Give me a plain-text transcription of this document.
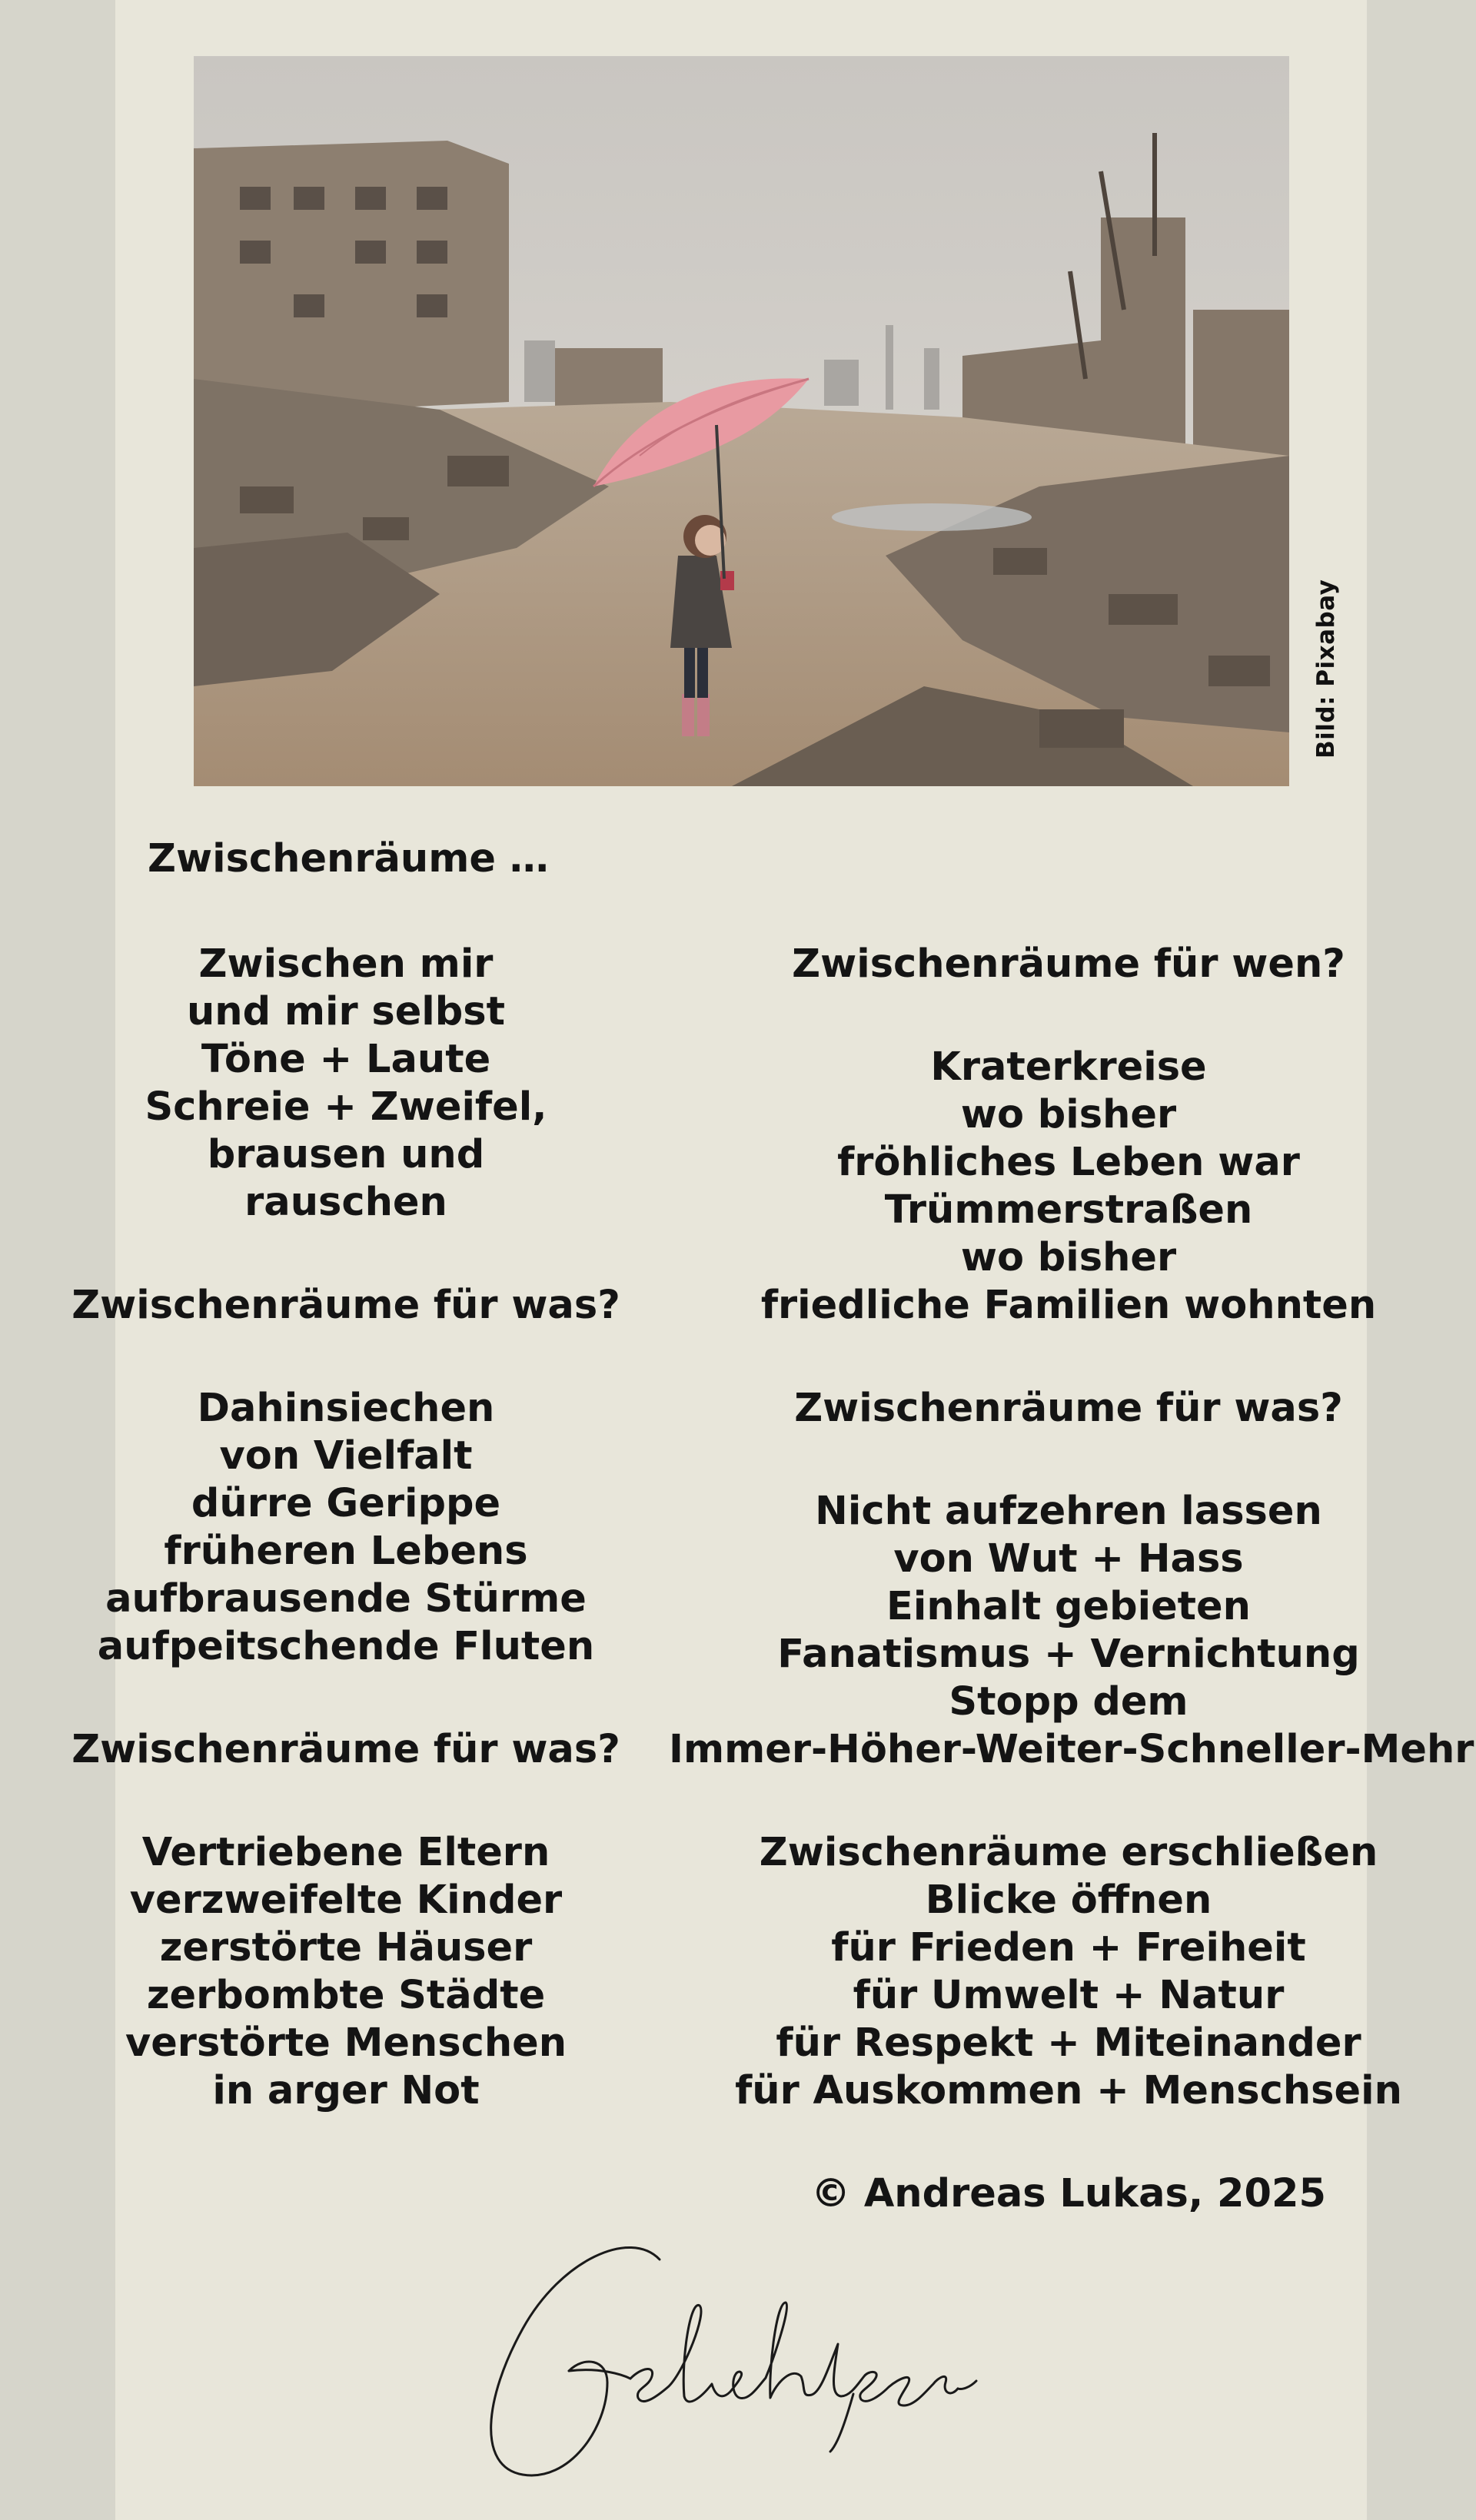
Bild: Pixabay
Zwischenräume …
Zwischen mir
und mir selbst
Töne + Laute
Schreie + Zweifel,
brausen und
rauschen
Zwischenräume für was?
Dahinsiechen
von Vielfalt
dürre Gerippe
früheren Lebens
aufbrausende Stürme
aufpeitschende Fluten
Zwischenräume für was?
Vertriebene Eltern
verzweifelte Kinder
zerstörte Häuser
zerbombte Städte
verstörte Menschen
in arger Not
Zwischenräume für wen?
Kraterkreise
wo bisher
fröhliches Leben war
Trümmerstraßen
wo bisher
friedliche Familien wohnten
Zwischenräume für was?
Nicht aufzehren lassen
von Wut + Hass
Einhalt gebieten
Fanatismus + Vernichtung
Stopp dem
Immer-Höher-Weiter-Schneller-Mehr
Zwischenräume erschließen
Blicke öffnen
für Frieden + Freiheit
für Umwelt + Natur
für Respekt + Miteinander
für Auskommen + Menschsein
© Andreas Lukas, 2025
